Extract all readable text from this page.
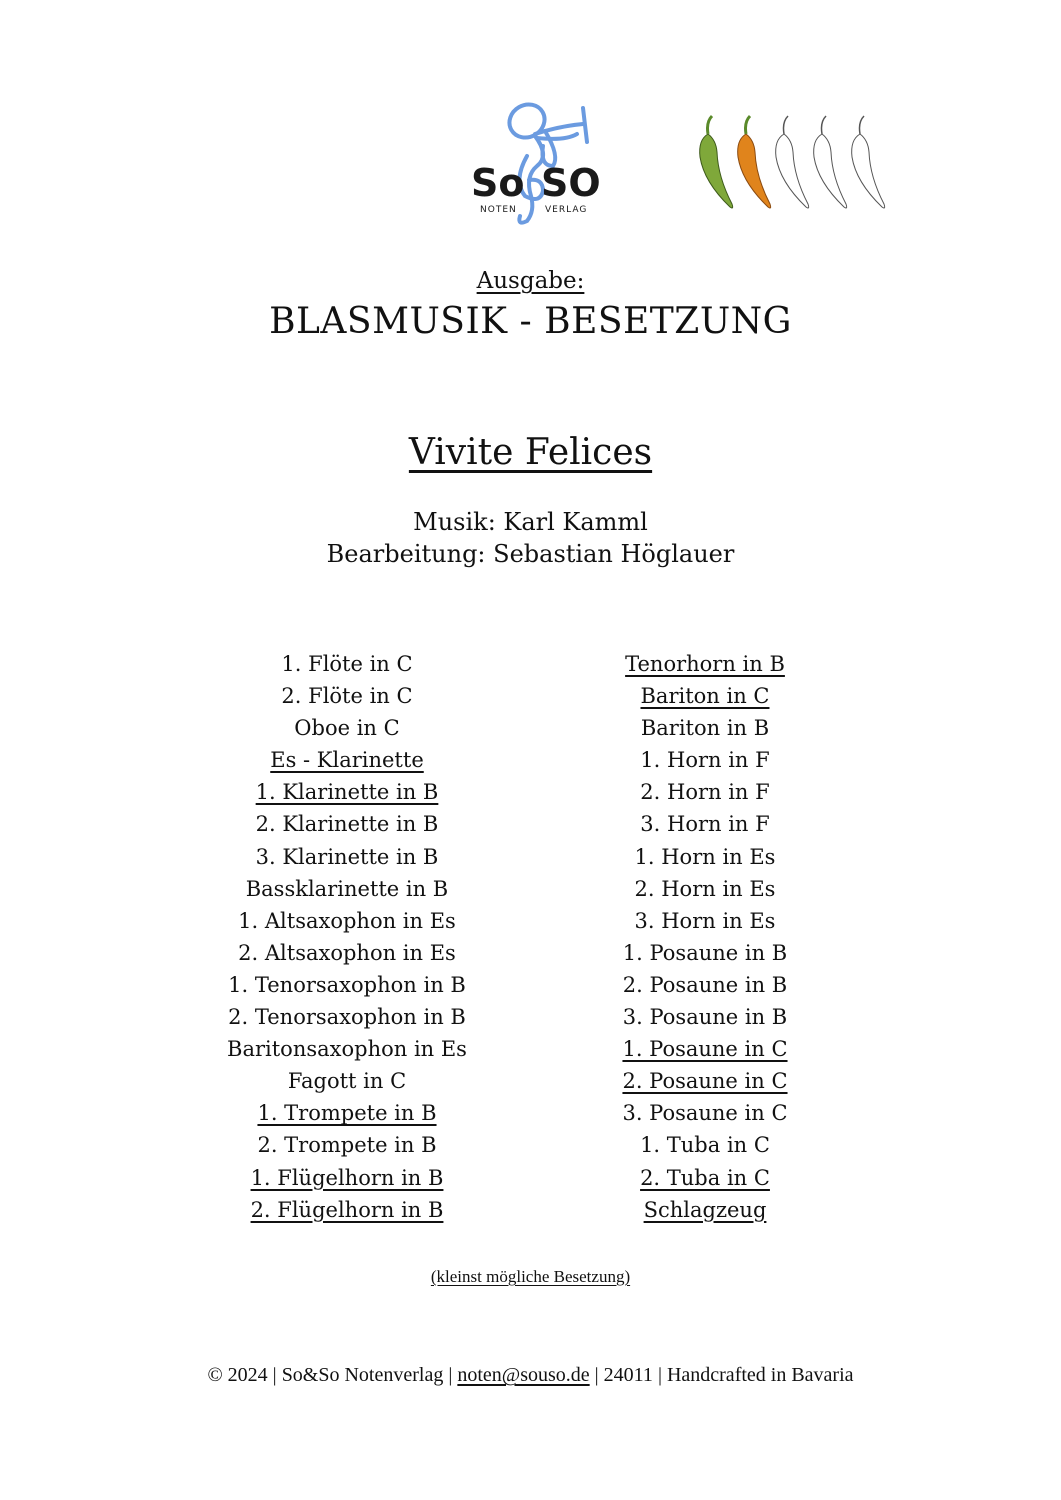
So SO
NOTEN	VERLAG
Ausgabe:
BLASMUSIK - BESETZUNG
Vivite Felices
Musik: Karl Kamml
Bearbeitung: Sebastian Höglauer
1. Flöte in C
2. Flöte in C
Oboe in C
Es - Klarinette
1. Klarinette in B
2. Klarinette in B
3. Klarinette in B
Bassklarinette in B
1. Altsaxophon in Es
2. Altsaxophon in Es
1. Tenorsaxophon in B
2. Tenorsaxophon in B
Baritonsaxophon in Es
Fagott in C
1. Trompete in B
2. Trompete in B
1. Flügelhorn in B
2. Flügelhorn in B
Tenorhorn in B
Bariton in C
Bariton in B
1. Horn in F
2. Horn in F
3. Horn in F
1. Horn in Es
2. Horn in Es
3. Horn in Es
1. Posaune in B
2. Posaune in B
3. Posaune in B
1. Posaune in C
2. Posaune in C
3. Posaune in C
1. Tuba in C
2. Tuba in C
Schlagzeug
(kleinst mögliche Besetzung)
© 2024 | So&So Notenverlag | noten@souso.de | 24011 | Handcrafted in Bavaria
